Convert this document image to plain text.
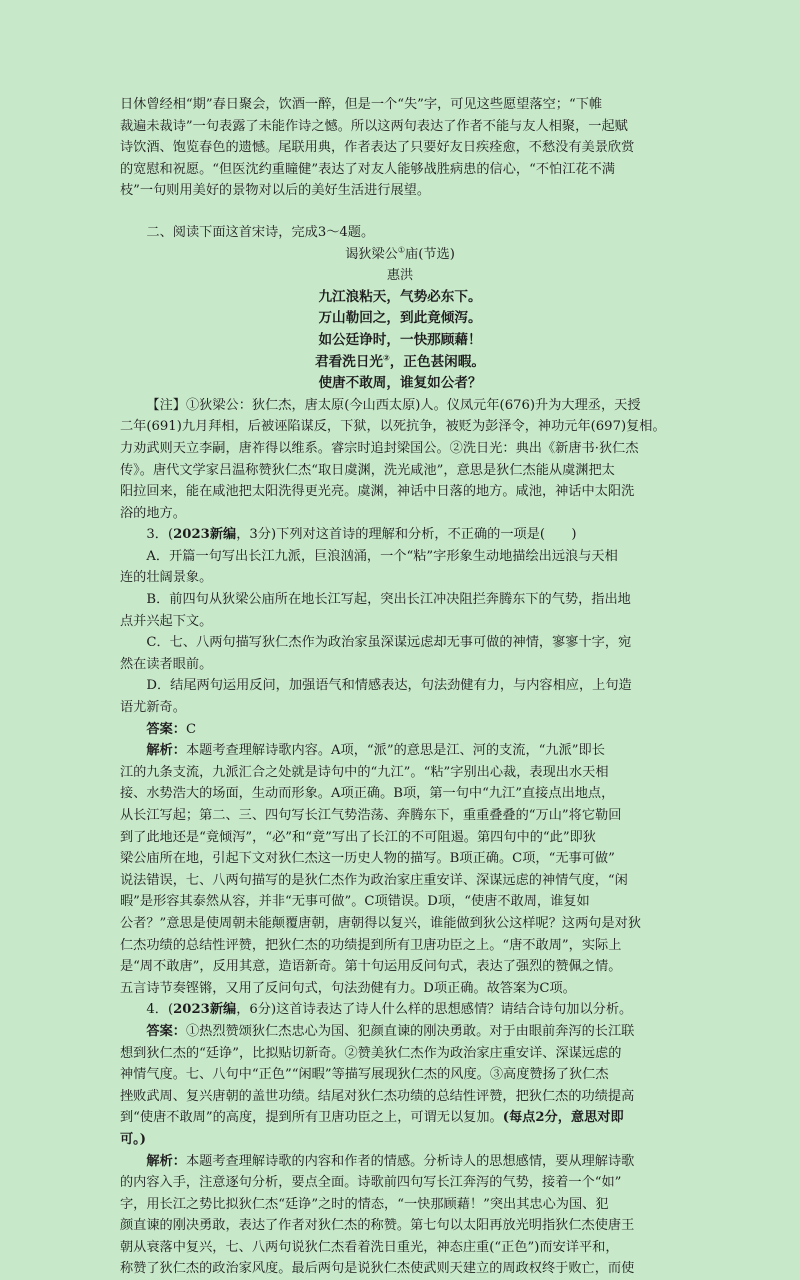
日休曾经相“期”春日聚会，饮酒一醉，但是一个“失”字，可见这些愿望落空；“下帷

裁遍未裁诗”一句表露了未能作诗之憾。所以这两句表达了作者不能与友人相聚，一起赋

诗饮酒、饱览春色的遗憾。尾联用典，作者表达了只要好友日疾痊愈，不愁没有美景欣赏

的宽慰和祝愿。“但医沈约重瞳健”表达了对友人能够战胜病患的信心，“不怕江花不满

枝”一句则用美好的景物对以后的美好生活进行展望。

二、阅读下面这首宋诗，完成3～4题。

谒狄梁公①庙(节选)

惠洪

九江浪粘天，气势必东下。

万山勒回之，到此竟倾泻。

如公廷诤时，一快那顾藉！

君看洗日光②，正色甚闲暇。

使唐不敢周，谁复如公者？

【注】①狄梁公：狄仁杰，唐太原(今山西太原)人。仪凤元年(676)升为大理丞，天授

二年(691)九月拜相，后被诬陷谋反，下狱，以死抗争，被贬为彭泽令，神功元年(697)复相。

力劝武则天立李嗣，唐祚得以维系。睿宗时追封梁国公。②洗日光：典出《新唐书·狄仁杰

传》。唐代文学家吕温称赞狄仁杰“取日虞渊，洗光咸池”，意思是狄仁杰能从虞渊把太

阳拉回来，能在咸池把太阳洗得更光亮。虞渊，神话中日落的地方。咸池，神话中太阳洗

浴的地方。

3．(2023新编，3分)下列对这首诗的理解和分析，不正确的一项是(　　)

A．开篇一句写出长江九派，巨浪汹涌，一个“粘”字形象生动地描绘出远浪与天相

连的壮阔景象。

B．前四句从狄梁公庙所在地长江写起，突出长江冲决阻拦奔腾东下的气势，指出地

点并兴起下文。

C．七、八两句描写狄仁杰作为政治家虽深谋远虑却无事可做的神情，寥寥十字，宛

然在读者眼前。

D．结尾两句运用反问，加强语气和情感表达，句法劲健有力，与内容相应，上句造

语尤新奇。

答案：C

解析：本题考查理解诗歌内容。A项，“派”的意思是江、河的支流，“九派”即长

江的九条支流，九派汇合之处就是诗句中的“九江”。“粘”字别出心裁，表现出水天相

接、水势浩大的场面，生动而形象。A项正确。B项，第一句中“九江”直接点出地点，

从长江写起；第二、三、四句写长江气势浩荡、奔腾东下，重重叠叠的“万山”将它勒回

到了此地还是“竟倾泻”，“必”和“竟”写出了长江的不可阻遏。第四句中的“此”即狄

梁公庙所在地，引起下文对狄仁杰这一历史人物的描写。B项正确。C项，“无事可做”

说法错误，七、八两句描写的是狄仁杰作为政治家庄重安详、深谋远虑的神情气度，“闲

暇”是形容其泰然从容，并非“无事可做”。C项错误。D项，“使唐不敢周，谁复如

公者？”意思是使周朝未能颠覆唐朝，唐朝得以复兴，谁能做到狄公这样呢？这两句是对狄

仁杰功绩的总结性评赞，把狄仁杰的功绩提到所有卫唐功臣之上。“唐不敢周”，实际上

是“周不敢唐”，反用其意，造语新奇。第十句运用反问句式，表达了强烈的赞佩之情。

五言诗节奏铿锵，又用了反问句式，句法劲健有力。D项正确。故答案为C项。

4．(2023新编，6分)这首诗表达了诗人什么样的思想感情？请结合诗句加以分析。

答案：①热烈赞颂狄仁杰忠心为国、犯颜直谏的刚决勇敢。对于由眼前奔泻的长江联

想到狄仁杰的“廷诤”，比拟贴切新奇。②赞美狄仁杰作为政治家庄重安详、深谋远虑的

神情气度。七、八句中“正色”“闲暇”等描写展现狄仁杰的风度。③高度赞扬了狄仁杰

挫败武周、复兴唐朝的盖世功绩。结尾对狄仁杰功绩的总结性评赞，把狄仁杰的功绩提高

到“使唐不敢周”的高度，提到所有卫唐功臣之上，可谓无以复加。(每点2分，意思对即

可。)

解析：本题考查理解诗歌的内容和作者的情感。分析诗人的思想感情，要从理解诗歌

的内容入手，注意逐句分析，要点全面。诗歌前四句写长江奔泻的气势，接着一个“如”

字，用长江之势比拟狄仁杰“廷诤”之时的情态，“一快那顾藉！”突出其忠心为国、犯

颜直谏的刚决勇敢，表达了作者对狄仁杰的称赞。第七句以太阳再放光明指狄仁杰使唐王

朝从衰落中复兴，七、八两句说狄仁杰看着洗日重光，神态庄重(“正色”)而安详平和，

称赞了狄仁杰的政治家风度。最后两句是说狄仁杰使武则天建立的周政权终于败亡，而使
